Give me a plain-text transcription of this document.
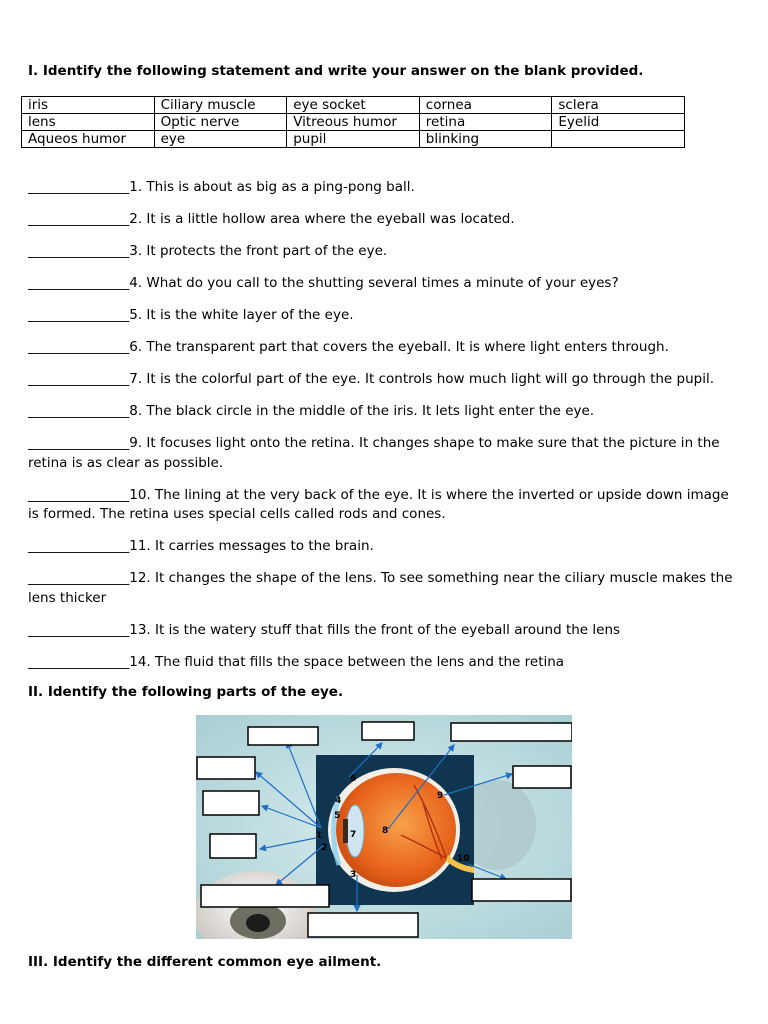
I. Identify the following statement and write your answer on the blank provided.
iris	Ciliary muscle	eye socket	cornea	sclera
lens	Optic nerve	Vitreous humor	retina	Eyelid
Aqueos humor	eye	pupil	blinking	
_______________1. This is about as big as a ping-pong ball.
_______________2. It is a little hollow area where the eyeball was located.
_______________3. It protects the front part of the eye.
_______________4. What do you call to the shutting several times a minute of your eyes?
_______________5. It is the white layer of the eye.
_______________6. The transparent part that covers the eyeball. It is where light enters through.
_______________7. It is the colorful part of the eye. It controls how much light will go through the pupil.
_______________8. The black circle in the middle of the iris. It lets light enter the eye.
_______________9. It focuses light onto the retina. It changes shape to make sure that the picture in the retina is as clear as possible.
_______________10. The lining at the very back of the eye. It is where the inverted or upside down image is formed. The retina uses special cells called rods and cones.
_______________11. It carries messages to the brain.
_______________12. It changes the shape of the lens. To see something near the ciliary muscle makes the lens thicker
_______________13. It is the watery stuff that fills the front of the eyeball around the lens
_______________14. The fluid that fills the space between the lens and the retina
II. Identify the following parts of the eye.
1
2
3
4
5
6
7	8
9
10
III. Identify the different common eye ailment.
